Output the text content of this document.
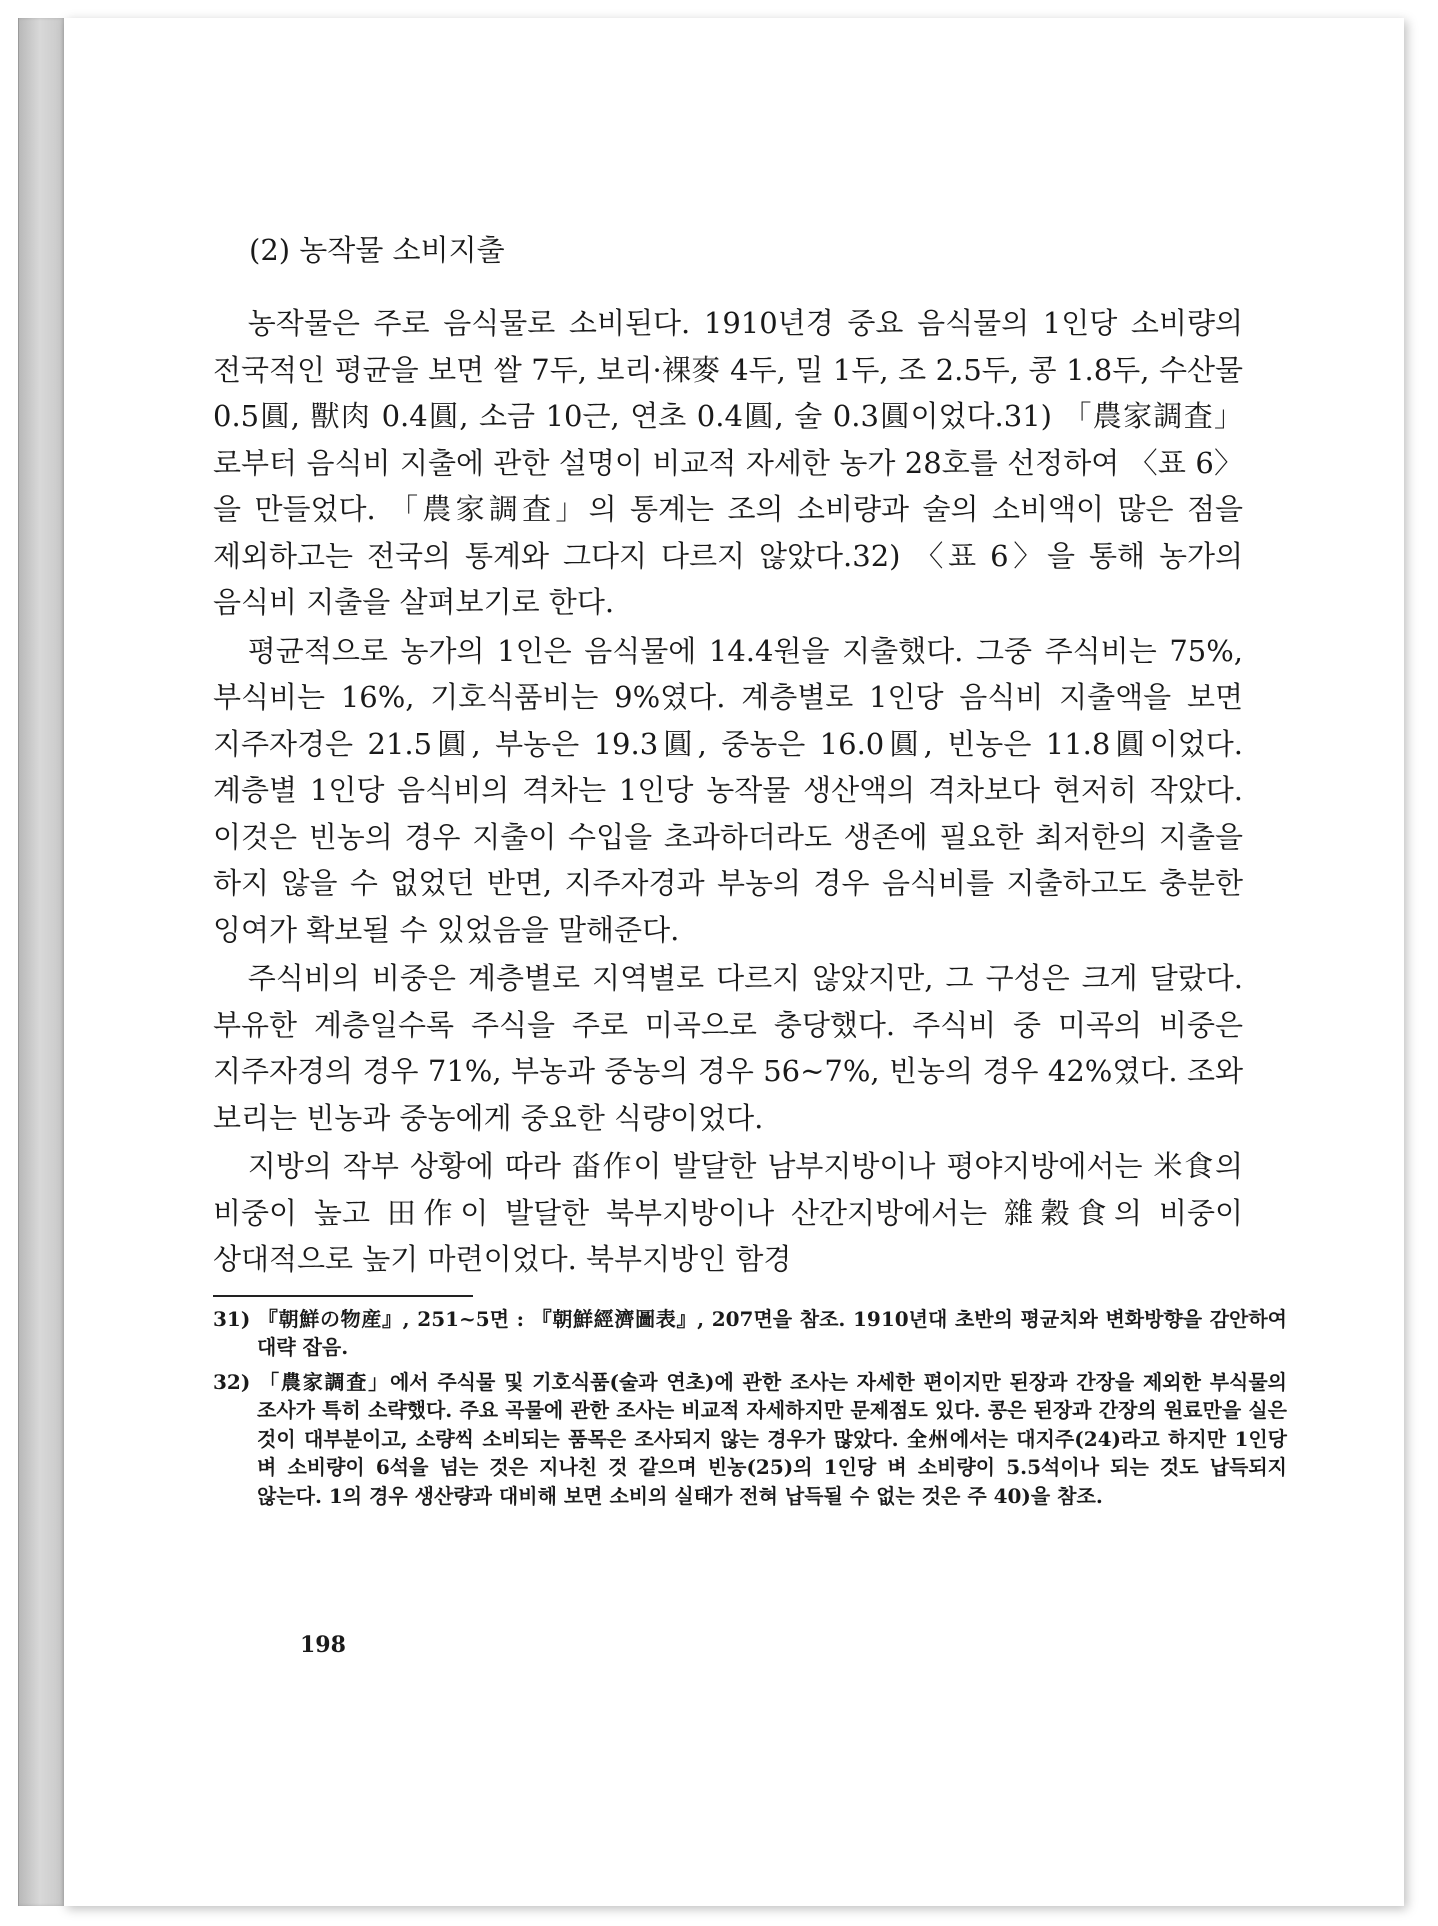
(2) 농작물 소비지출

농작물은 주로 음식물로 소비된다. 1910년경 중요 음식물의 1인당 소비량의 전국적인 평균을 보면 쌀 7두, 보리·裸麥 4두, 밀 1두, 조 2.5두, 콩 1.8두, 수산물 0.5圓, 獸肉 0.4圓, 소금 10근, 연초 0.4圓, 술 0.3圓이었다.31) 「農家調査」로부터 음식비 지출에 관한 설명이 비교적 자세한 농가 28호를 선정하여 〈표 6〉을 만들었다. 「農家調査」의 통계는 조의 소비량과 술의 소비액이 많은 점을 제외하고는 전국의 통계와 그다지 다르지 않았다.32) 〈표 6〉을 통해 농가의 음식비 지출을 살펴보기로 한다.

평균적으로 농가의 1인은 음식물에 14.4원을 지출했다. 그중 주식비는 75%, 부식비는 16%, 기호식품비는 9%였다. 계층별로 1인당 음식비 지출액을 보면 지주자경은 21.5圓, 부농은 19.3圓, 중농은 16.0圓, 빈농은 11.8圓이었다. 계층별 1인당 음식비의 격차는 1인당 농작물 생산액의 격차보다 현저히 작았다. 이것은 빈농의 경우 지출이 수입을 초과하더라도 생존에 필요한 최저한의 지출을 하지 않을 수 없었던 반면, 지주자경과 부농의 경우 음식비를 지출하고도 충분한 잉여가 확보될 수 있었음을 말해준다.

주식비의 비중은 계층별로 지역별로 다르지 않았지만, 그 구성은 크게 달랐다. 부유한 계층일수록 주식을 주로 미곡으로 충당했다. 주식비 중 미곡의 비중은 지주자경의 경우 71%, 부농과 중농의 경우 56~7%, 빈농의 경우 42%였다. 조와 보리는 빈농과 중농에게 중요한 식량이었다.

지방의 작부 상황에 따라 畓作이 발달한 남부지방이나 평야지방에서는 米食의 비중이 높고 田作이 발달한 북부지방이나 산간지방에서는 雜穀食의 비중이 상대적으로 높기 마련이었다. 북부지방인 함경

31) 『朝鮮の物産』, 251~5면 : 『朝鮮經濟圖表』, 207면을 참조. 1910년대 초반의 평균치와 변화방향을 감안하여 대략 잡음.

32) 「農家調査」에서 주식물 및 기호식품(술과 연초)에 관한 조사는 자세한 편이지만 된장과 간장을 제외한 부식물의 조사가 특히 소략했다. 주요 곡물에 관한 조사는 비교적 자세하지만 문제점도 있다. 콩은 된장과 간장의 원료만을 실은 것이 대부분이고, 소량씩 소비되는 품목은 조사되지 않는 경우가 많았다. 全州에서는 대지주(24)라고 하지만 1인당 벼 소비량이 6석을 넘는 것은 지나친 것 같으며 빈농(25)의 1인당 벼 소비량이 5.5석이나 되는 것도 납득되지 않는다. 1의 경우 생산량과 대비해 보면 소비의 실태가 전혀 납득될 수 없는 것은 주 40)을 참조.

198
